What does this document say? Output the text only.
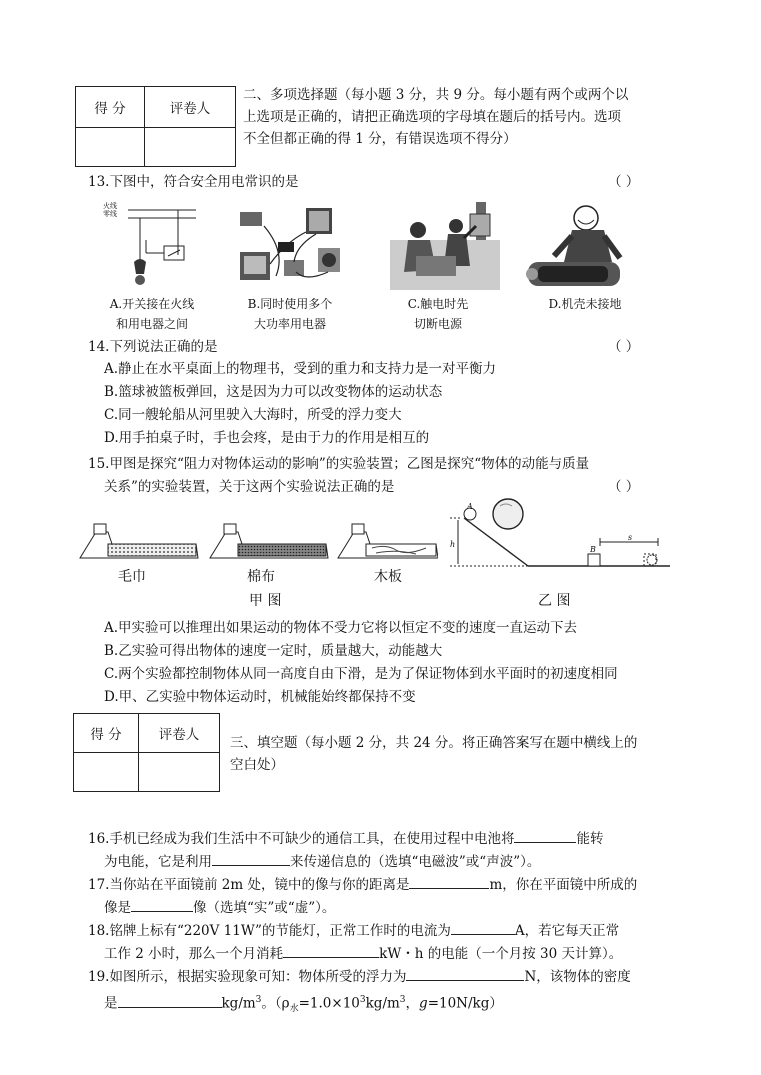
得 分	评卷人

二、多项选择题（每小题 3 分，共 9 分。每小题有两个或两个以
上选项是正确的，请把正确选项的字母填在题后的括号内。选项
不全但都正确的得 1 分，有错误选项不得分）
13.下图中，符合安全用电常识的是	（ ）
火线
零线
A.开关接在火线
和用电器之间
B.同时使用多个
大功率用电器
C.触电时先
切断电源
D.机壳未接地
14.下列说法正确的是	（ ）
A.静止在水平桌面上的物理书，受到的重力和支持力是一对平衡力
B.篮球被篮板弹回，这是因为力可以改变物体的运动状态
C.同一艘轮船从河里驶入大海时，所受的浮力变大
D.用手拍桌子时，手也会疼，是由于力的作用是相互的
15.甲图是探究“阻力对物体运动的影响”的实验装置；乙图是探究“物体的动能与质量
关系”的实验装置，关于这两个实验说法正确的是	（ ）
毛巾	棉布	木板
甲 图
A
h
B
s
乙 图
A.甲实验可以推理出如果运动的物体不受力它将以恒定不变的速度一直运动下去
B.乙实验可得出物体的速度一定时，质量越大，动能越大
C.两个实验都控制物体从同一高度自由下滑，是为了保证物体到水平面时的初速度相同
D.甲、乙实验中物体运动时，机械能始终都保持不变
得 分	评卷人
	三、填空题（每小题 2 分，共 24 分。将正确答案写在题中横线上的
空白处）
16.手机已经成为我们生活中不可缺少的通信工具，在使用过程中电池将	能转
为电能，它是利用	来传递信息的（选填“电磁波”或“声波”）。
17.当你站在平面镜前 2m 处，镜中的像与你的距离是	m，你在平面镜中所成的
像是	像（选填“实”或“虚”）。
18.铭牌上标有“220V 11W”的节能灯，正常工作时的电流为	A，若它每天正常
工作 2 小时，那么一个月消耗	kW・h 的电能（一个月按 30 天计算）。
19.如图所示，根据实验现象可知：物体所受的浮力为	N，该物体的密度
是	$kg/m^3$。（$\rho_水=1.0\times 10^3kg/m^3$，g=10N/kg）
